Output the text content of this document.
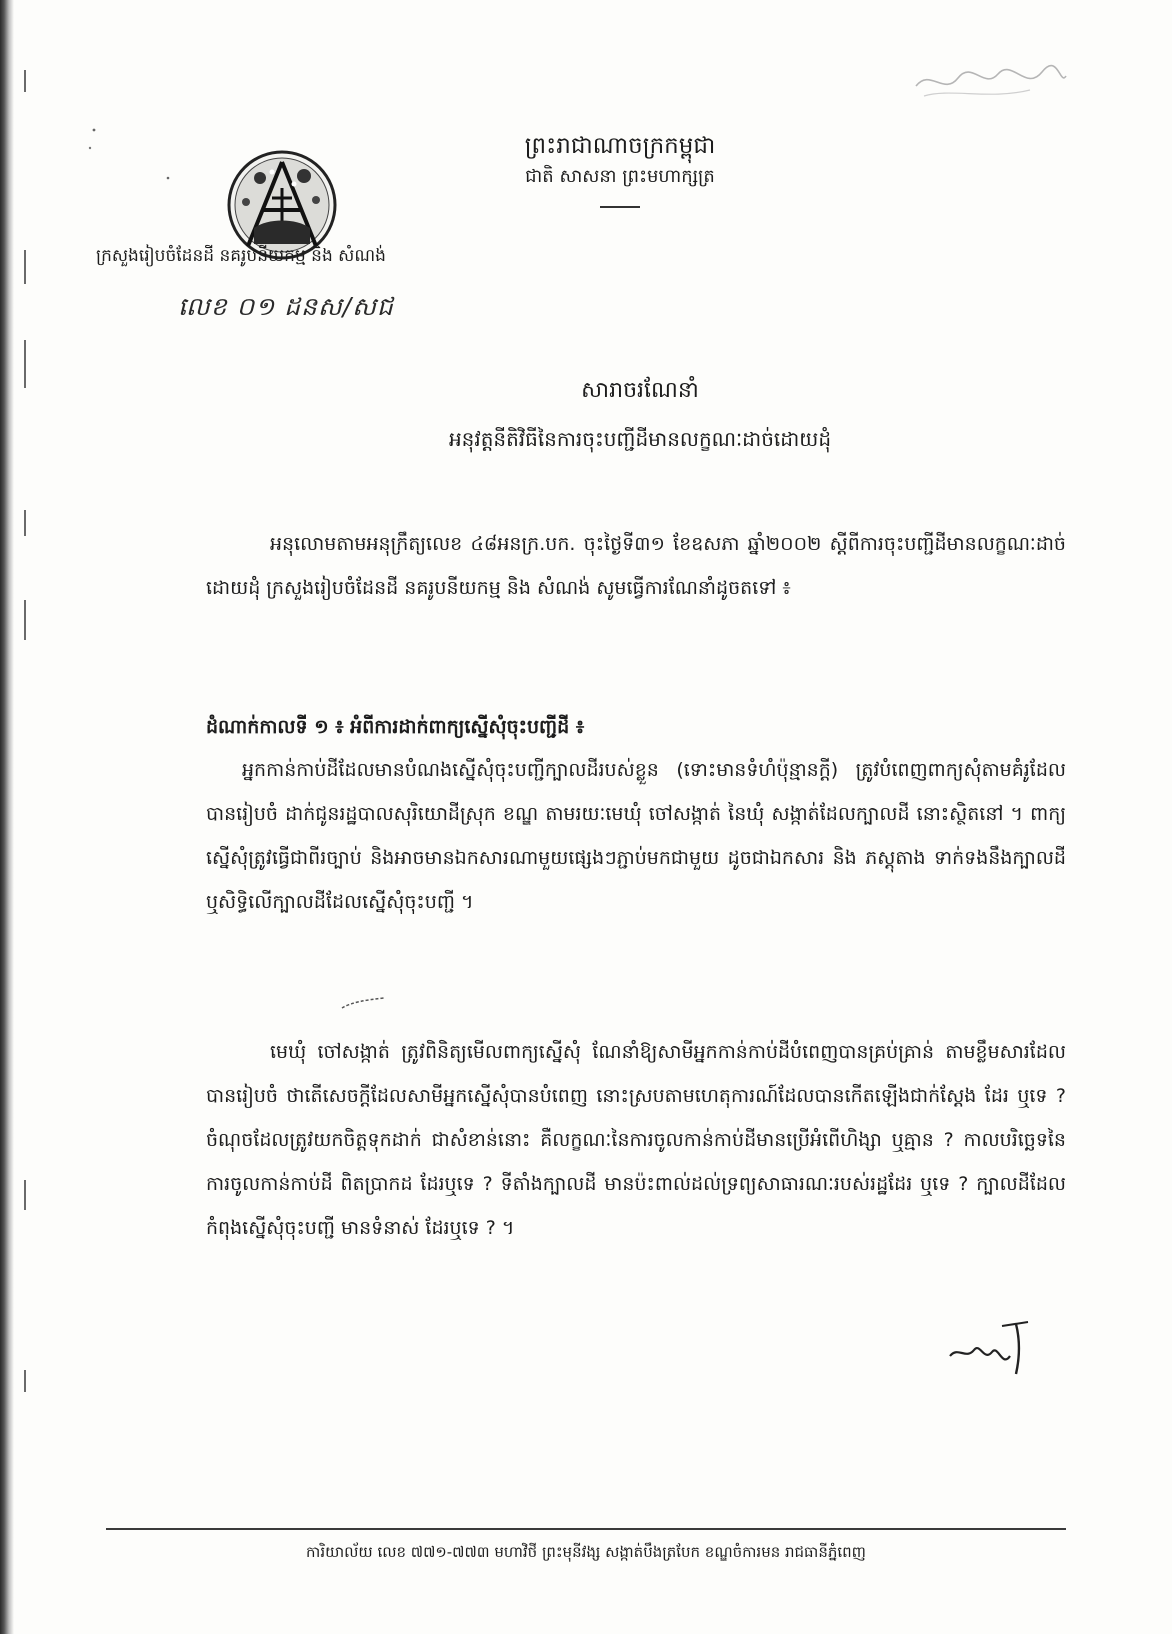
ព្រះរាជាណាចក្រកម្ពុជា
ជាតិ សាសនា ព្រះមហាក្សត្រ
ក្រសួងរៀបចំដែនដី នគរូបនីយកម្ម និង សំណង់
លេខ ០១ ដនស/សជ
សារាចរណែនាំ
អនុវត្តនីតិវិធីនៃការចុះបញ្ជីដីមានលក្ខណៈដាច់ដោយដុំ
អនុលោមតាមអនុក្រឹត្យលេខ ៤៨អនក្រ.បក. ចុះថ្ងៃទី៣១ ខែឧសភា ឆ្នាំ២០០២ ស្តីពីការចុះបញ្ជីដីមានលក្ខណៈដាច់ដោយដុំ ក្រសួងរៀបចំដែនដី នគរូបនីយកម្ម និង សំណង់ សូមធ្វើការណែនាំដូចតទៅ ៖
ដំណាក់កាលទី ១ ៖ អំពីការដាក់ពាក្យស្នើសុំចុះបញ្ជីដី ៖
អ្នកកាន់កាប់ដីដែលមានបំណងស្នើសុំចុះបញ្ជីក្បាលដីរបស់ខ្លួន (ទោះមានទំហំប៉ុន្មានក្តី) ត្រូវបំពេញពាក្យសុំតាមគំរូដែលបានរៀបចំ ដាក់ជូនរដ្ឋបាលសុរិយោដីស្រុក ខណ្ឌ តាមរយៈមេឃុំ ចៅសង្កាត់ នៃឃុំ សង្កាត់ដែលក្បាលដី នោះស្ថិតនៅ ។ ពាក្យស្នើសុំត្រូវធ្វើជាពីរច្បាប់ និងអាចមានឯកសារណាមួយផ្សេងៗភ្ជាប់មកជាមួយ ដូចជាឯកសារ និង ភស្តុតាង ទាក់ទងនឹងក្បាលដី ឬសិទ្ធិលើក្បាលដីដែលស្នើសុំចុះបញ្ជី ។
មេឃុំ ចៅសង្កាត់ ត្រូវពិនិត្យមើលពាក្យស្នើសុំ ណែនាំឱ្យសាមីអ្នកកាន់កាប់ដីបំពេញបានគ្រប់គ្រាន់ តាមខ្លឹមសារដែលបានរៀបចំ ថាតើសេចក្តីដែលសាមីអ្នកស្នើសុំបានបំពេញ នោះស្របតាមហេតុការណ៍ដែលបានកើតឡើងជាក់ស្តែង ដែរ ឬទេ ? ចំណុចដែលត្រូវយកចិត្តទុកដាក់ ជាសំខាន់នោះ គឺលក្ខណៈនៃការចូលកាន់កាប់ដីមានប្រើអំពើហិង្សា ឬគ្មាន ? កាលបរិច្ឆេទនៃការចូលកាន់កាប់ដី ពិតប្រាកដ ដែរឬទេ ? ទីតាំងក្បាលដី មានប៉ះពាល់ដល់ទ្រព្យសាធារណៈរបស់រដ្ឋដែរ ឬទេ ? ក្បាលដីដែលកំពុងស្នើសុំចុះបញ្ជី មានទំនាស់ ដែរឬទេ ? ។
ការិយាល័យ លេខ ៧៧១-៧៧៣ មហាវិថី ព្រះមុនីវង្ស សង្កាត់បឹងត្របែក ខណ្ឌចំការមន រាជធានីភ្នំពេញ
